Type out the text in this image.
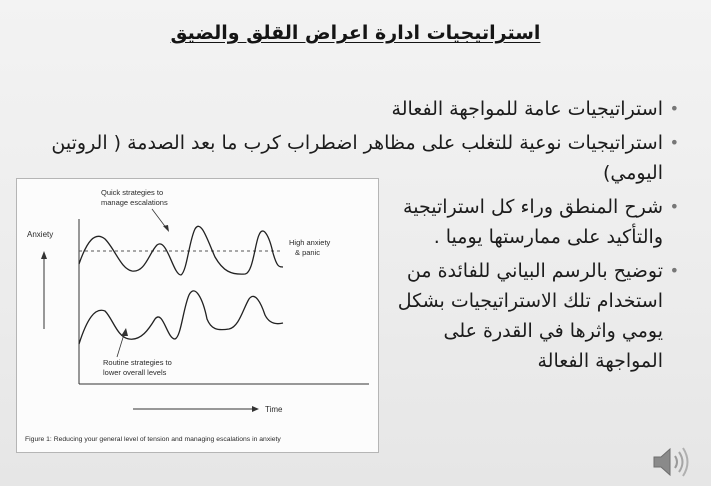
استراتيجيات ادارة اعراض القلق والضيق
• استراتيجيات عامة للمواجهة الفعالة
• استراتيجيات نوعية للتغلب على مظاهر اضطراب كرب ما بعد الصدمة ( الروتين اليومي)
• شرح المنطق وراء كل استراتيجية والتأكيد على ممارستها يوميا .
• توضيح بالرسم البياني للفائدة من استخدام تلك الاستراتيجيات بشكل يومي واثرها في القدرة على المواجهة الفعالة
Anxiety
Quick strategies to
manage escalations
High anxiety
& panic
Routine strategies to
lower overall levels
Time
Figure 1: Reducing your general level of tension and managing escalations in anxiety
